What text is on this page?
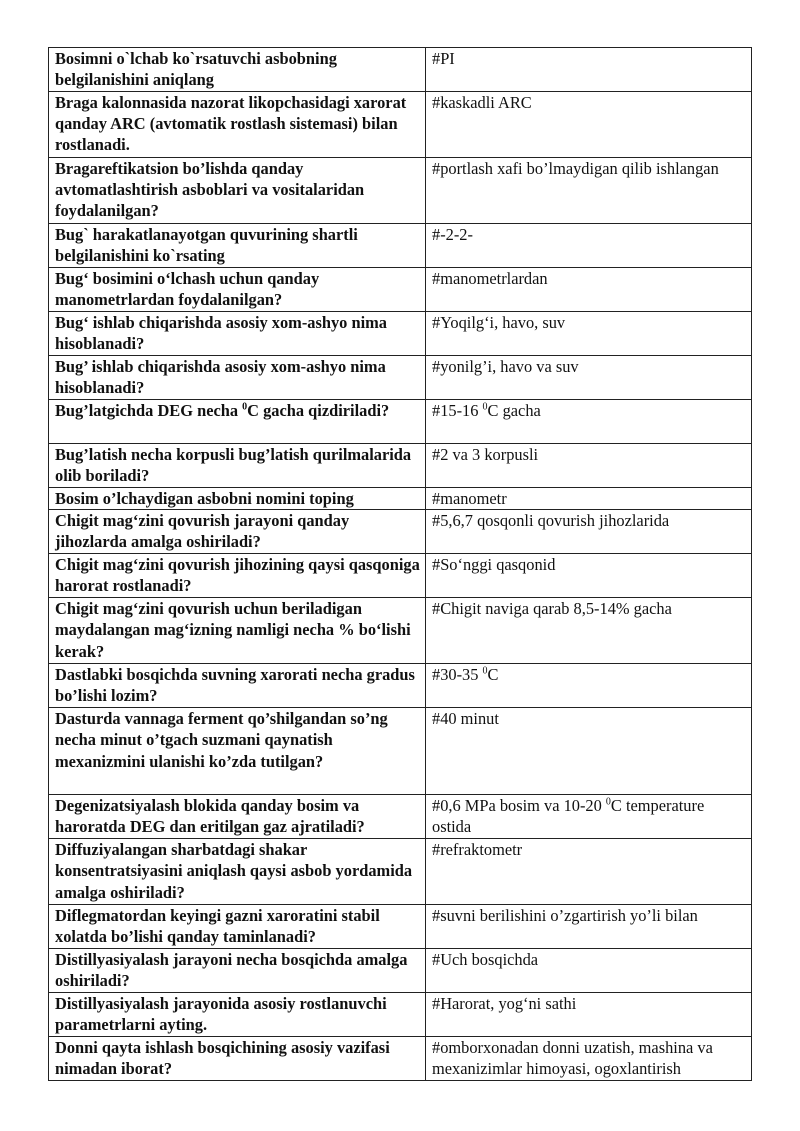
Bosimni o`lchab ko`rsatuvchi asbobning belgilanishini aniqlang	#PI
Braga kalonnasida nazorat likopchasidagi xarorat qanday ARC (avtomatik rostlash sistemasi) bilan rostlanadi.	#kaskadli ARC
Bragareftikatsion bo’lishda qanday avtomatlashtirish asboblari va vositalaridan foydalanilgan?	#portlash xafi bo’lmaydigan qilib ishlangan
Bug` harakatlanayotgan quvurining shartli belgilanishini ko`rsating	#-2-2-
Bug‘ bosimini o‘lchash uchun qanday manometrlardan foydalanilgan?	#manometrlardan
Bug‘ ishlab chiqarishda asosiy xom-ashyo nima hisoblanadi?	#Yoqilg‘i, havo, suv
Bug’ ishlab chiqarishda asosiy xom-ashyo nima hisoblanadi?	#yonilg’i, havo va suv
Bug’latgichda DEG necha $^0$C gacha qizdiriladi?	#15-16 $^0$C gacha
Bug’latish necha korpusli bug’latish qurilmalarida olib boriladi?	#2 va 3 korpusli
Bosim o’lchaydigan asbobni nomini toping	#manometr
Chigit mag‘zini qovurish jarayoni qanday jihozlarda amalga oshiriladi?	#5,6,7 qosqonli qovurish jihozlarida
Chigit mag‘zini qovurish jihozining qaysi qasqoniga harorat rostlanadi?	#So‘nggi qasqonid
Chigit mag‘zini qovurish uchun beriladigan maydalangan mag‘izning namligi necha % bo‘lishi kerak?	#Chigit naviga qarab 8,5-14% gacha
Dastlabki bosqichda suvning xarorati necha gradus bo’lishi lozim?	#30-35 $^0$C
Dasturda vannaga ferment qo’shilgandan so’ng necha minut o’tgach suzmani qaynatish mexanizmini ulanishi ko’zda tutilgan?	#40 minut
Degenizatsiyalash blokida qanday bosim va haroratda DEG dan eritilgan gaz ajratiladi?	#0,6 MPa bosim va 10-20 $^0$C temperature ostida
Diffuziyalangan sharbatdagi shakar konsentratsiyasini aniqlash qaysi asbob yordamida amalga oshiriladi?	#refraktometr
Diflegmatordan keyingi gazni xaroratini stabil xolatda bo’lishi qanday taminlanadi?	#suvni berilishini o’zgartirish yo’li bilan
Distillyasiyalash jarayoni necha bosqichda amalga oshiriladi?	#Uch bosqichda
Distillyasiyalash jarayonida asosiy rostlanuvchi parametrlarni ayting.	#Harorat, yog‘ni sathi
Donni qayta ishlash bosqichining asosiy vazifasi nimadan iborat?	#omborxonadan donni uzatish, mashina va mexanizimlar himoyasi, ogoxlantirish
